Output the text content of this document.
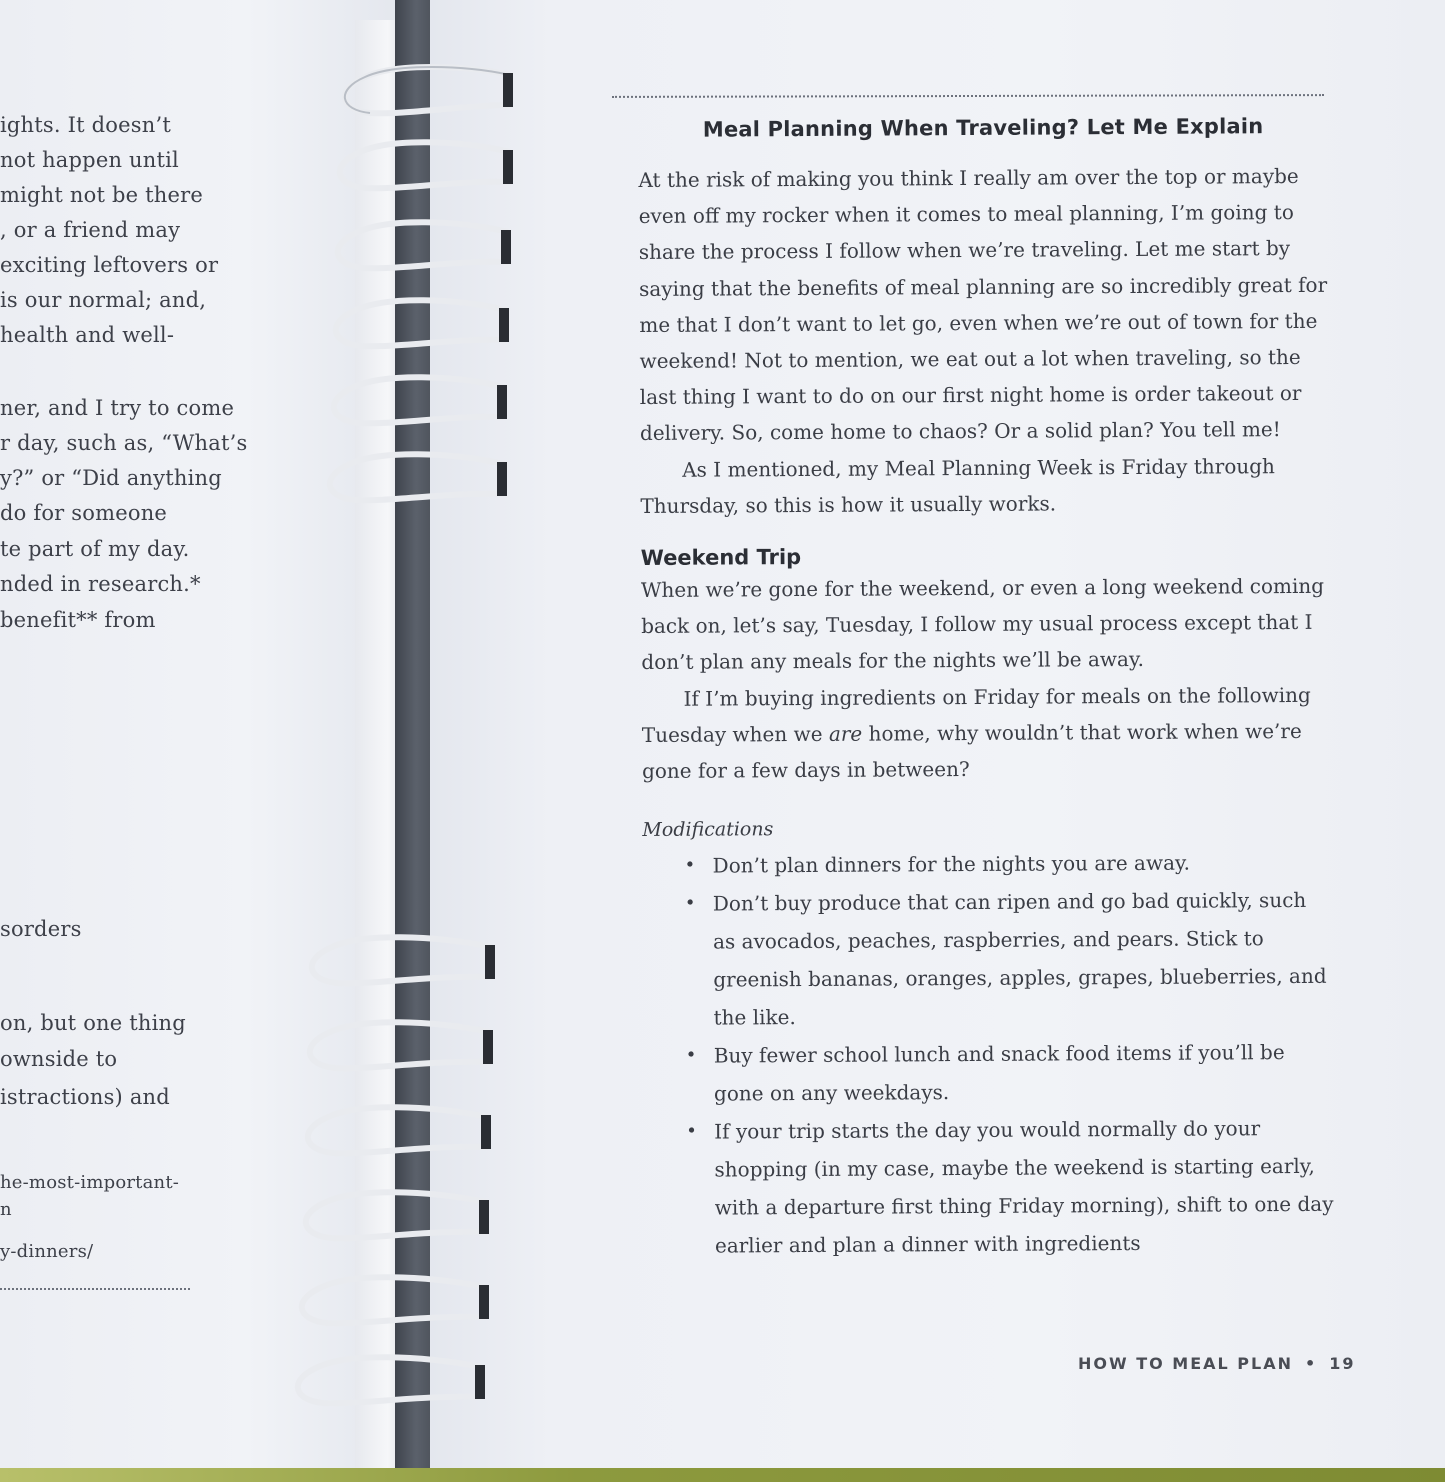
ights. It doesn’t
not happen until
might not be there
, or a friend may
exciting leftovers or
is our normal; and,
health and well-
ner, and I try to come
r day, such as, “What’s
y?” or “Did anything
do for someone
te part of my day.
nded in research.*
benefit** from
sorders
on, but one thing
ownside to
istractions) and
he-most-important-
n
y-dinners/
Meal Planning When Traveling? Let Me Explain

At the risk of making you think I really am over the top or maybe even off my rocker when it comes to meal planning, I’m going to share the process I follow when we’re traveling. Let me start by saying that the benefits of meal planning are so incredibly great for me that I don’t want to let go, even when we’re out of town for the weekend! Not to mention, we eat out a lot when traveling, so the last thing I want to do on our first night home is order takeout or delivery. So, come home to chaos? Or a solid plan? You tell me!

As I mentioned, my Meal Planning Week is Friday through Thursday, so this is how it usually works.

Weekend Trip

When we’re gone for the weekend, or even a long weekend coming back on, let’s say, Tuesday, I follow my usual process except that I don’t plan any meals for the nights we’ll be away.

If I’m buying ingredients on Friday for meals on the following Tuesday when we are home, why wouldn’t that work when we’re gone for a few days in between?

Modifications
• Don’t plan dinners for the nights you are away.
• Don’t buy produce that can ripen and go bad quickly, such as avocados, peaches, raspberries, and pears. Stick to greenish bananas, oranges, apples, grapes, blueberries, and the like.
• Buy fewer school lunch and snack food items if you’ll be gone on any weekdays.
• If your trip starts the day you would normally do your shopping (in my case, maybe the weekend is starting early, with a departure first thing Friday morning), shift to one day earlier and plan a dinner with ingredients
HOW TO MEAL PLAN • 19
